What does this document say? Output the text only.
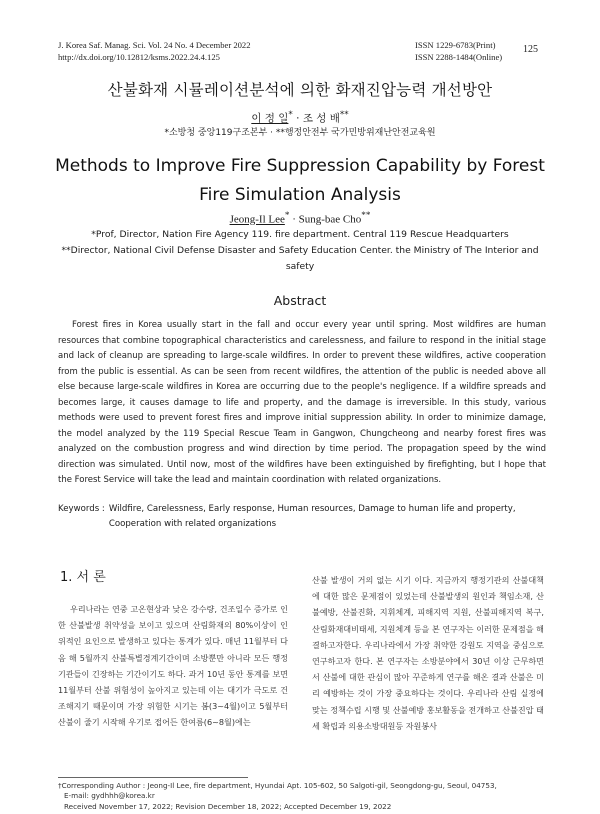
J. Korea Saf. Manag. Sci. Vol. 24 No. 4 December 2022
http://dx.doi.org/10.12812/ksms.2022.24.4.125
ISSN 1229-6783(Print)
ISSN 2288-1484(Online)
125
산불화재 시뮬레이션분석에 의한 화재진압능력 개선방안
이 정 일* · 조 성 배**
*소방청 중앙119구조본부 · **행정안전부 국가민방위재난안전교육원
Methods to Improve Fire Suppression Capability by Forest Fire Simulation Analysis
Jeong-Il Lee* · Sung-bae Cho**
*Prof, Director, Nation Fire Agency 119. fire department. Central 119 Rescue Headquarters
**Director, National Civil Defense Disaster and Safety Education Center. the Ministry of The Interior and safety
Abstract
Forest fires in Korea usually start in the fall and occur every year until spring. Most wildfires are human resources that combine topographical characteristics and carelessness, and failure to respond in the initial stage and lack of cleanup are spreading to large-scale wildfires. In order to prevent these wildfires, active cooperation from the public is essential. As can be seen from recent wildfires, the attention of the public is needed above all else because large-scale wildfires in Korea are occurring due to the people's negligence. If a wildfire spreads and becomes large, it causes damage to life and property, and the damage is irreversible. In this study, various methods were used to prevent forest fires and improve initial suppression ability. In order to minimize damage, the model analyzed by the 119 Special Rescue Team in Gangwon, Chungcheong and nearby forest fires was analyzed on the combustion progress and wind direction by time period. The propagation speed by the wind direction was simulated. Until now, most of the wildfires have been extinguished by firefighting, but I hope that the Forest Service will take the lead and maintain coordination with related organizations.
Keywords : Wildfire, Carelessness, Early response, Human resources, Damage to human life and property, Cooperation with related organizations
1. 서 론
우리나라는 연중 고온현상과 낮은 강수량, 건조일수 증가로 인한 산불발생 취약성을 보이고 있으며 산림화재의 80%이상이 인위적인 요인으로 발생하고 있다는 통계가 있다. 매년 11월부터 다음 해 5월까지 산불특별경계기간이며 소방뿐만 아니라 모든 행정기관들이 긴장하는 기간이기도 하다. 과거 10년 동안 통계를 보면 11월부터 산불 위험성이 높아지고 있는데 이는 대기가 극도로 건조해지기 때문이며 가장 위험한 시기는 봄(3~4월)이고 5월부터 산불이 줄기 시작해 우기로 접어든 한여름(6~8월)에는
산불 발생이 거의 없는 시기 이다. 지금까지 행정기관의 산불대책에 대한 많은 문제점이 있었는데 산불발생의 원인과 책임소재, 산불예방, 산불진화, 지휘체계, 피해지역 지원, 산불피해지역 복구, 산림화재대비태세, 지원체계 등을 본 연구자는 이러한 문제점을 해결하고자한다. 우리나라에서 가장 취약한 강원도 지역을 중심으로 연구하고자 한다. 본 연구자는 소방분야에서 30년 이상 근무하면서 산불에 대한 관심이 많아 꾸준하게 연구를 해온 결과 산불은 미리 예방하는 것이 가장 중요하다는 것이다. 우리나라 산림 실정에 맞는 정책수립 시행 및 산불예방 홍보활동을 전개하고 산불진압 태세 확립과 의용소방대원등 자원봉사
†Corresponding Author : Jeong-Il Lee, fire department, Hyundai Apt. 105-602, 50 Salgoti-gil, Seongdong-gu, Seoul, 04753,
E-mail: gydhhh@korea.kr
Received November 17, 2022; Revision December 18, 2022; Accepted December 19, 2022
